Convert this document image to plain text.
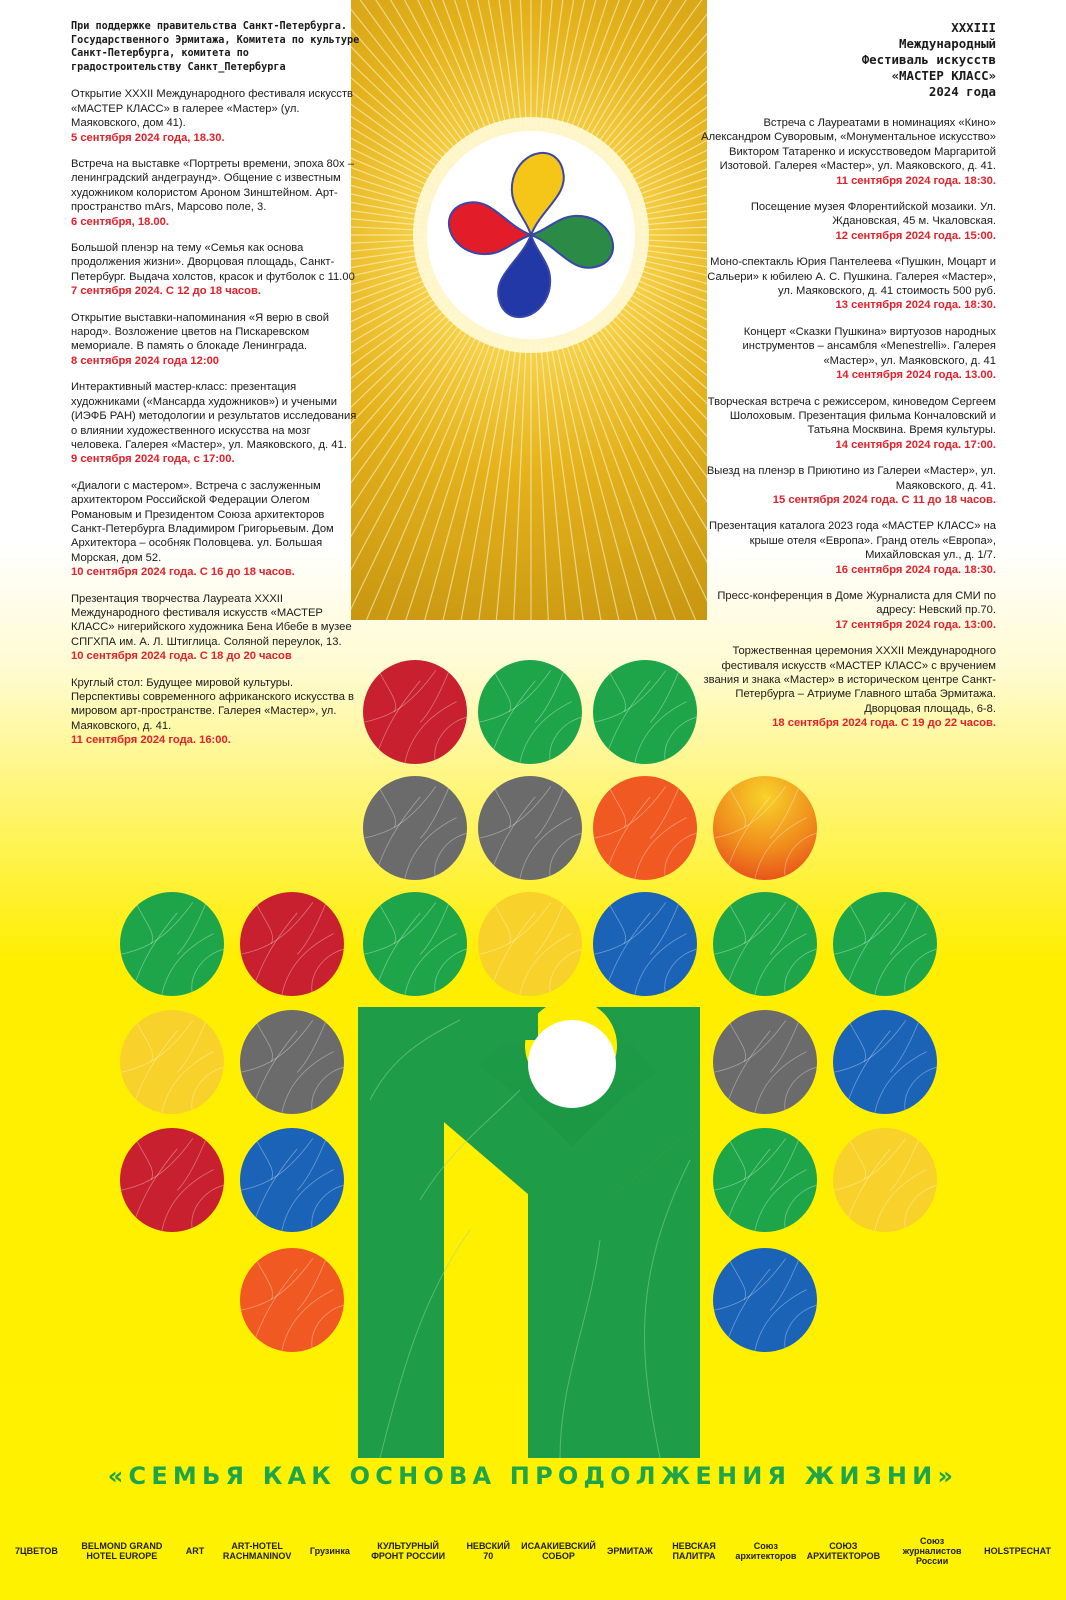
При поддержке правительства Санкт-Петербурга. Государственного Эрмитажа, Комитета по культуре Санкт-Петербурга, комитета по градостроительству Санкт_Петербурга
Открытие XXXII Международного фестиваля искусств «МАСТЕР КЛАСС» в галерее «Мастер» (ул. Маяковского, дом 41).
5 сентября 2024 года, 18.30.
Встреча на выставке «Портреты времени, эпоха 80х – ленинградский андеграунд». Общение с известным художником колористом Ароном Зинштейном. Арт-пространство mArs, Марсово поле, 3.
6 сентября, 18.00.
Большой пленэр на тему «Семья как основа продолжения жизни». Дворцовая площадь, Санкт-Петербург. Выдача холстов, красок и футболок с 11.00
7 сентября 2024. С 12 до 18 часов.
Открытие выставки-напоминания «Я верю в свой народ». Возложение цветов на Пискаревском мемориале. В память о блокаде Ленинграда.
8 сентября 2024 года 12:00
Интерактивный мастер-класс: презентация художниками («Мансарда художников») и учеными (ИЭФБ РАН) методологии и результатов исследования о влиянии художественного искусства на мозг человека. Галерея «Мастер», ул. Маяковского, д. 41.
9 сентября 2024 года, с 17:00.
«Диалоги с мастером». Встреча с заслуженным архитектором Российской Федерации Олегом Романовым и Президентом Союза архитекторов Санкт-Петербурга Владимиром Григорьевым. Дом Архитектора – особняк Половцева. ул. Большая Морская, дом 52.
10 сентября 2024 года. С 16 до 18 часов.
Презентация творчества Лауреата XXXII Международного фестиваля искусств «МАСТЕР КЛАСС» нигерийского художника Бена Ибебе в музее СПГХПА им. А. Л. Штиглица. Соляной переулок, 13.
10 сентября 2024 года. С 18 до 20 часов
Круглый стол: Будущее мировой культуры. Перспективы современного африканского искусства в мировом арт-пространстве. Галерея «Мастер», ул. Маяковского, д. 41.
11 сентября 2024 года. 16:00.
XXXIII
Международный
Фестиваль искусств
«МАСТЕР КЛАСС»
2024 года
Встреча с Лауреатами в номинациях «Кино» Александром Суворовым, «Монументальное искусство» Виктором Татаренко и искусствоведом Маргаритой Изотовой. Галерея «Мастер», ул. Маяковского, д. 41.
11 сентября 2024 года. 18:30.
Посещение музея Флорентийской мозаики. Ул. Ждановская, 45 м. Чкаловская.
12 сентября 2024 года. 15:00.
Моно-спектакль Юрия Пантелеева «Пушкин, Моцарт и Сальери» к юбилею А. С. Пушкина. Галерея «Мастер», ул. Маяковского, д. 41 стоимость 500 руб.
13 сентября 2024 года. 18:30.
Концерт «Сказки Пушкина» виртуозов народных инструментов – ансамбля «Menestrelli». Галерея «Мастер», ул. Маяковского, д. 41
14 сентября 2024 года. 13.00.
Творческая встреча с режиссером, киноведом Сергеем Шолоховым. Презентация фильма Кончаловский и Татьяна Москвина. Время культуры.
14 сентября 2024 года. 17:00.
Выезд на пленэр в Приютино из Галереи «Мастер», ул. Маяковского, д. 41.
15 сентября 2024 года. С 11 до 18 часов.
Презентация каталога 2023 года «МАСТЕР КЛАСС» на крыше отеля «Европа». Гранд отель «Европа», Михайловская ул., д. 1/7.
16 сентября 2024 года. 18:30.
Пресс-конференция в Доме Журналиста для СМИ по адресу: Невский пр.70.
17 сентября 2024 года. 13:00.
Торжественная церемония XXXII Международного фестиваля искусств «МАСТЕР КЛАСС» с вручением звания и знака «Мастер» в историческом центре Санкт-Петербурга – Атриуме Главного штаба Эрмитажа. Дворцовая площадь, 6-8.
18 сентября 2024 года. С 19 до 22 часов.
«СЕМЬЯ КАК ОСНОВА ПРОДОЛЖЕНИЯ ЖИЗНИ»
7ЦВЕТОВ	BELMOND GRAND HOTEL EUROPE	ART	ART-HOTEL RACHMANINOV	Грузинка	КУЛЬТУРНЫЙ ФРОНТ РОССИИ
НЕВСКИЙ 70
ИСААКИЕВСКИЙ СОБОР	ЭРМИТАЖ	НЕВСКАЯ ПАЛИТРА
Союз архитекторов
СОЮЗ АРХИТЕКТОРОВ
Союз журналистов России
HOLSTPECHAT
